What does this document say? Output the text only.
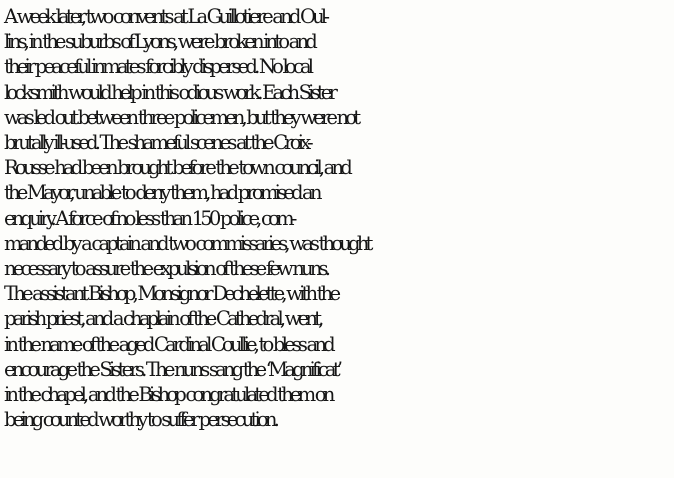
A week later, two convents at La Guillotiere and Oul-
lins, in the suburbs of Lyons, were broken into and
their peaceful inmates forcibly dispersed. No local
locksmith would help in this odious work. Each Sister
was led out between three policemen, but they were not
brutally ill-used. The shameful scenes at the Croix-
Rousse had been brought before the town council, and
the Mayor, unable to deny them, had promised an
enquiry. A force of no less than 150 police, com-
manded by a captain and two commissaries, was thought
necessary to assure the expulsion of these few nuns.
The assistant Bishop, Monsignor Dechelette, with the
parish priest, and a chaplain of the Cathedral, went,
in the name of the aged Cardinal Coullie, to bless and
encourage the Sisters. The nuns sang the ‘Magnificat’
in the chapel, and the Bishop congratulated them on
being counted worthy to suffer persecution.
